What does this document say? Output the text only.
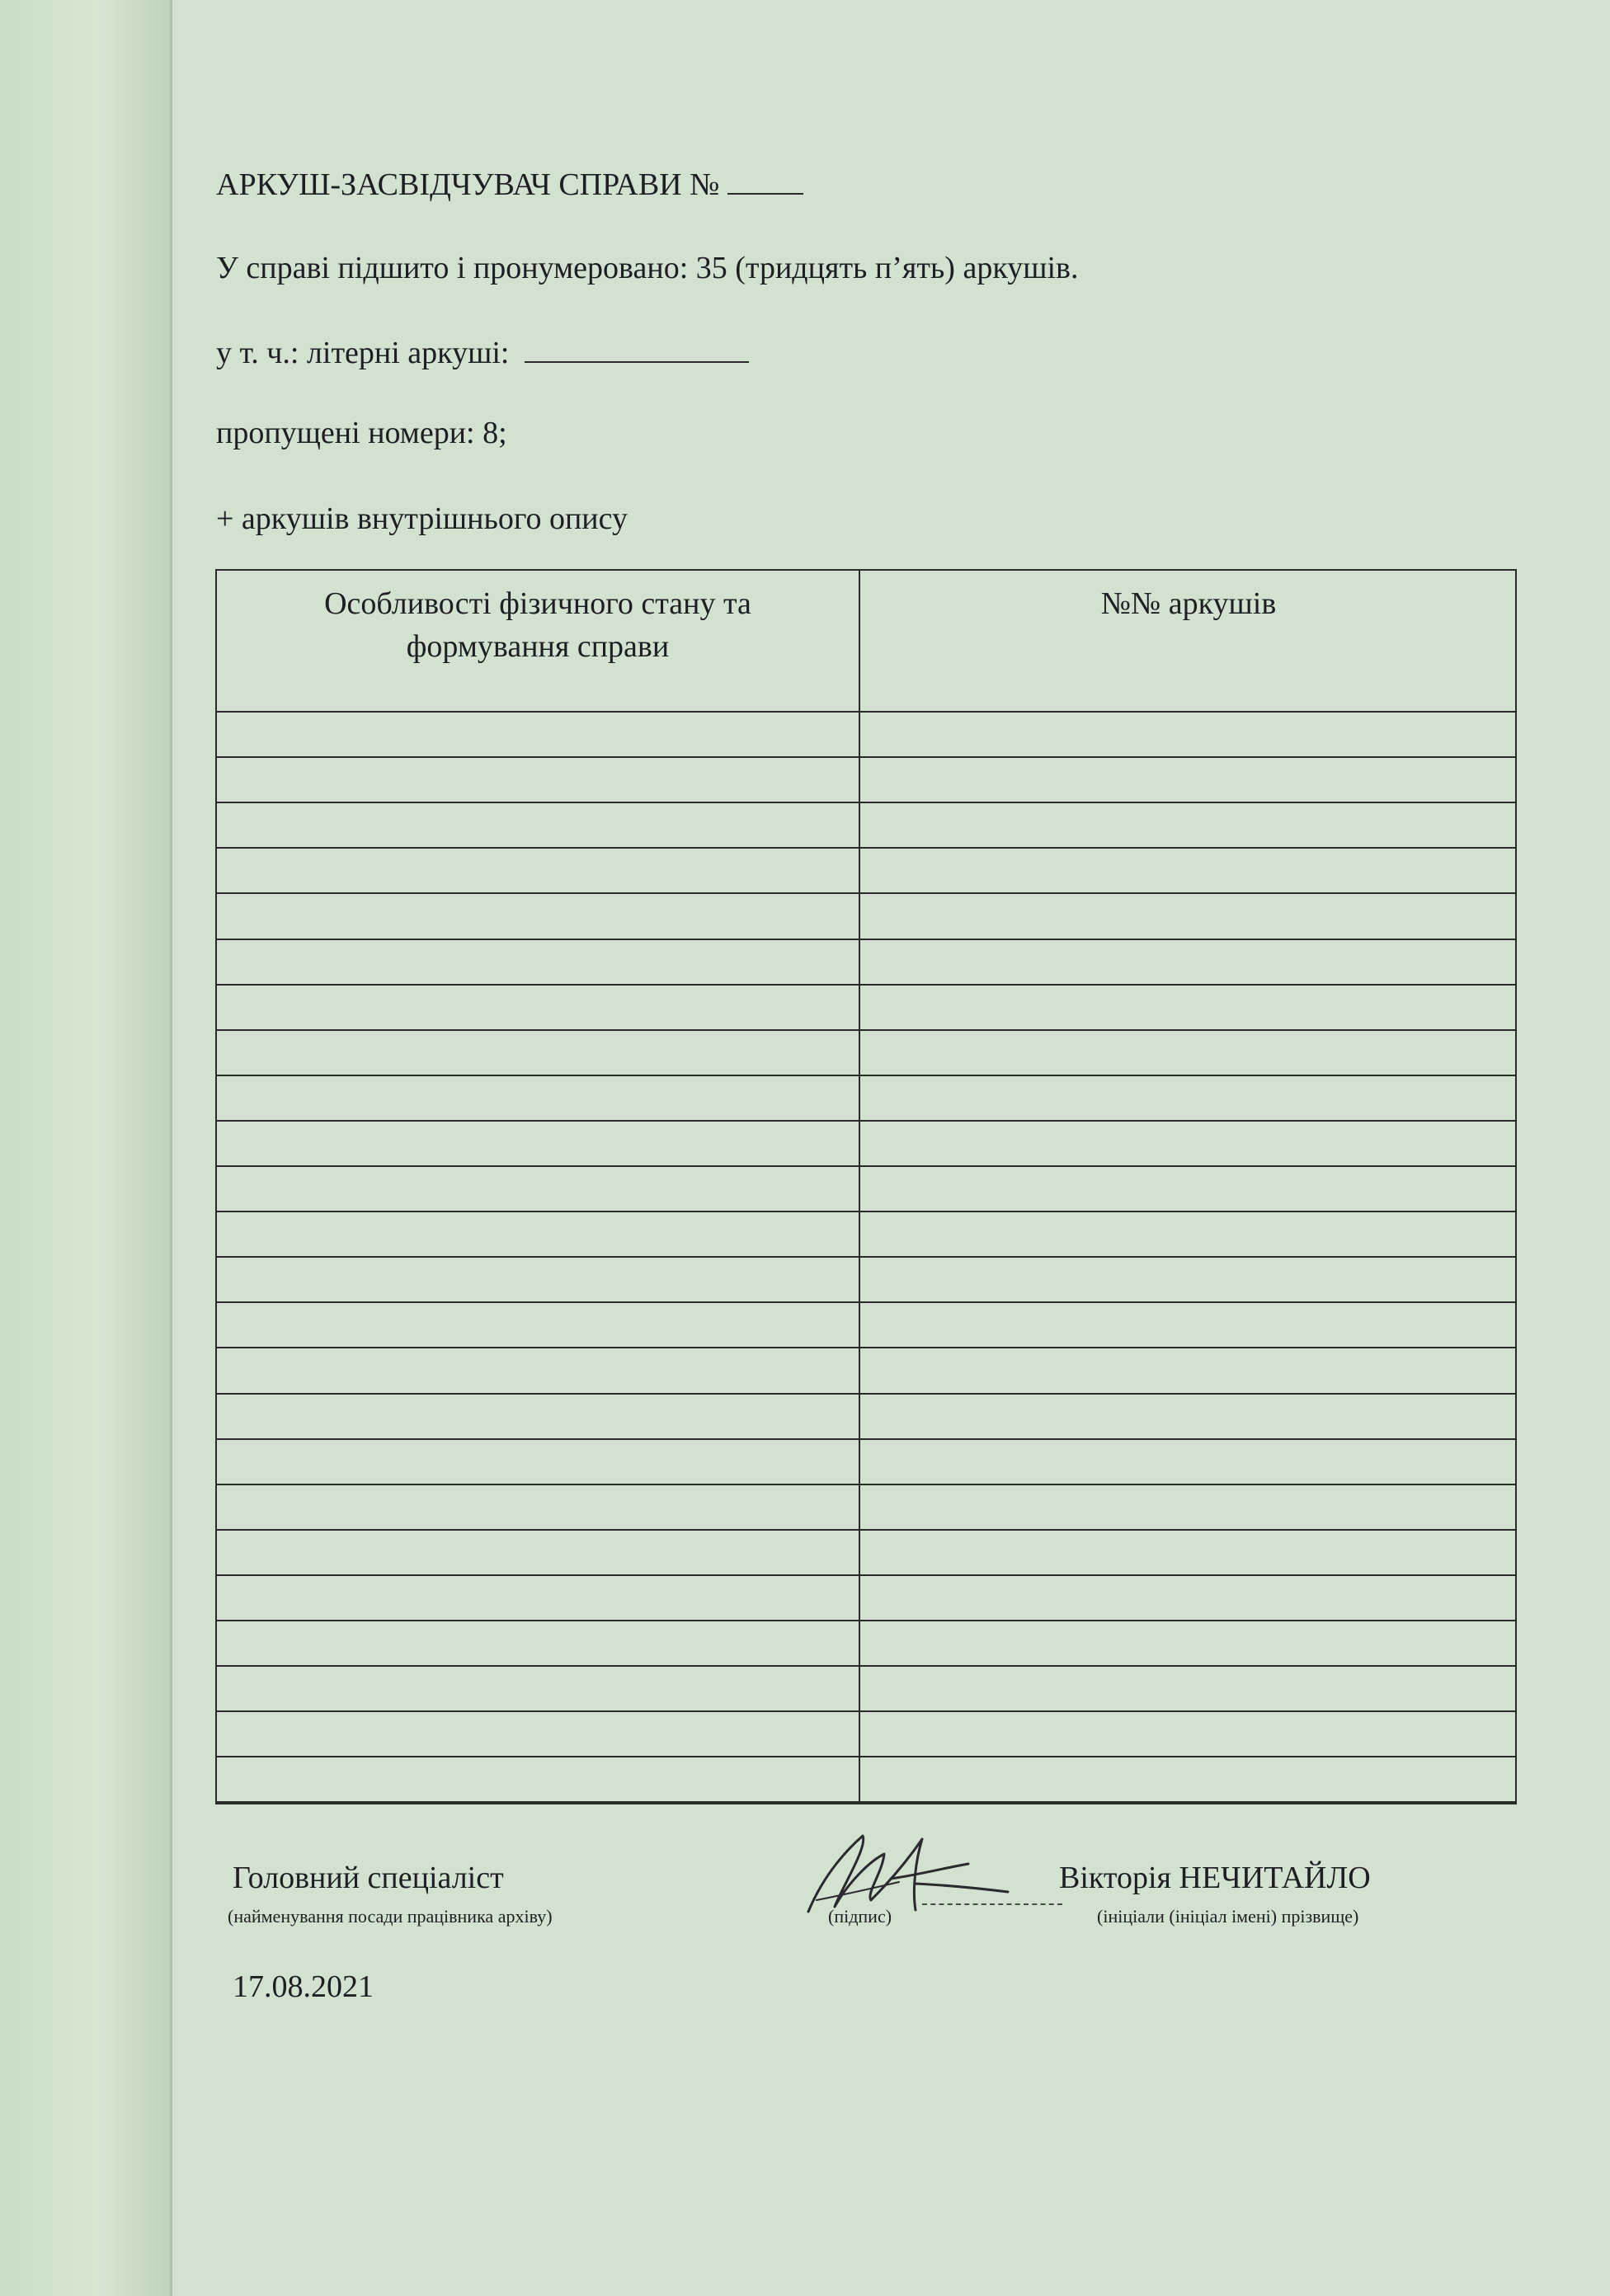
АРКУШ-ЗАСВІДЧУВАЧ СПРАВИ №
У справі підшито і пронумеровано: 35 (тридцять п’ять) аркушів.
у т. ч.: літерні аркуші:
пропущені номери: 8;
+ аркушів внутрішнього опису
Особливості фізичного стану та
формування справи
№№ аркушів
Головний спеціаліст
(найменування посади працівника архіву)	(підпис)
Вікторія НЕЧИТАЙЛО
(ініціали (ініціал імені) прізвище)
17.08.2021
